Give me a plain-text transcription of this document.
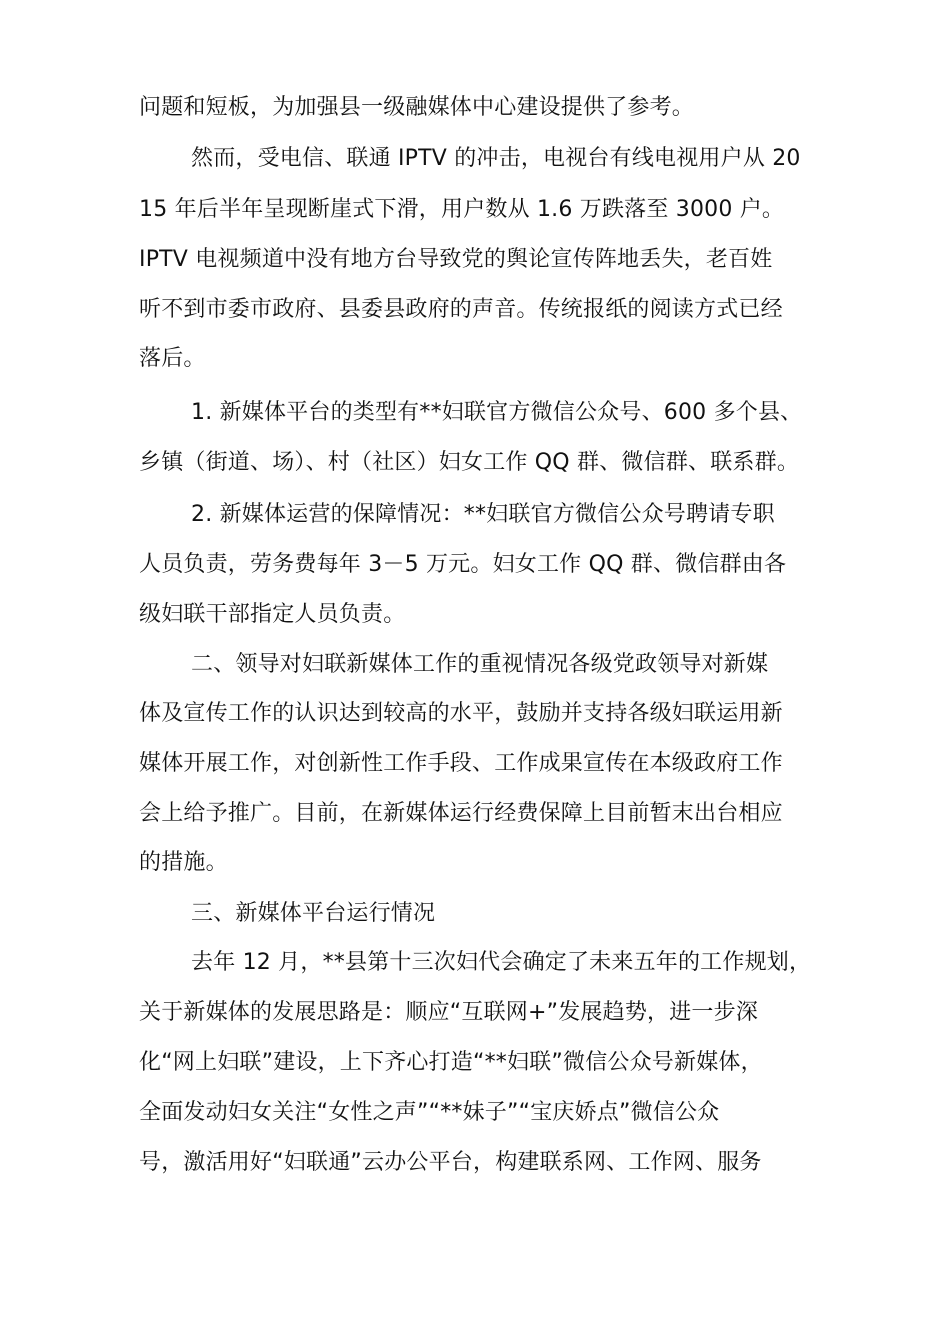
问题和短板，为加强县一级融媒体中心建设提供了参考。
然而，受电信、联通 IPTV 的冲击，电视台有线电视用户从 20
15 年后半年呈现断崖式下滑，用户数从 1.6 万跌落至 3000 户。
IPTV 电视频道中没有地方台导致党的舆论宣传阵地丢失，老百姓
听不到市委市政府、县委县政府的声音。传统报纸的阅读方式已经
落后。
1. 新媒体平台的类型有**妇联官方微信公众号、600 多个县、
乡镇（街道、场）、村（社区）妇女工作 QQ 群、微信群、联系群。
2. 新媒体运营的保障情况：**妇联官方微信公众号聘请专职
人员负责，劳务费每年 3－5 万元。妇女工作 QQ 群、微信群由各
级妇联干部指定人员负责。
二、领导对妇联新媒体工作的重视情况各级党政领导对新媒
体及宣传工作的认识达到较高的水平，鼓励并支持各级妇联运用新
媒体开展工作，对创新性工作手段、工作成果宣传在本级政府工作
会上给予推广。目前，在新媒体运行经费保障上目前暂末出台相应
的措施。
三、新媒体平台运行情况
去年 12 月，**县第十三次妇代会确定了未来五年的工作规划，
关于新媒体的发展思路是：顺应“互联网+”发展趋势，进一步深
化“网上妇联”建设，上下齐心打造“**妇联”微信公众号新媒体，
全面发动妇女关注“女性之声”“**妹子”“宝庆娇点”微信公众
号，激活用好“妇联通”云办公平台，构建联系网、工作网、服务
